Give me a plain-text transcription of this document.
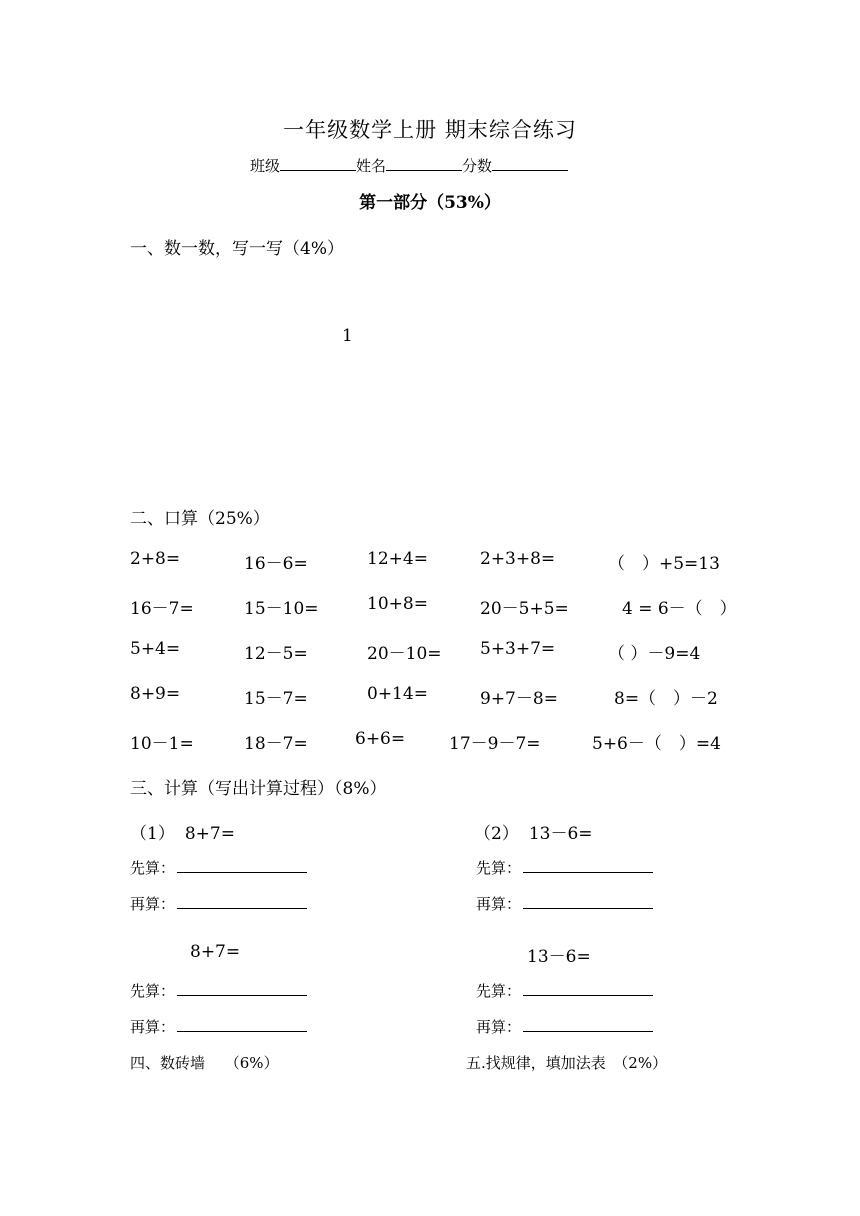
一年级数学上册 期末综合练习
班级	姓名	分数
第一部分（53%）
一、数一数，写一写（4%）
1
二、口算（25%）
2+8=	16－6=	12+4=	2+3+8=	（　）+5=13
16－7=	15－10=	10+8=	20－5+5=	4 = 6－（　）
5+4=	12－5=	20－10= 5+3+7=	（ ）－9=4
8+9=	15－7=	0+14=	9+7－8=	8=（　）－2
10－1=	18－7=	6+6=	17－9－7=	5+6－（　）=4
三、计算（写出计算过程）（8%）
（1） 8+7=	（2） 13－6=
先算：	先算：
再算：	再算：
8+7=	13－6=
先算：	先算：
再算：	再算：
四、数砖墙　 （6%）	五.找规律，填加法表　（2%）
